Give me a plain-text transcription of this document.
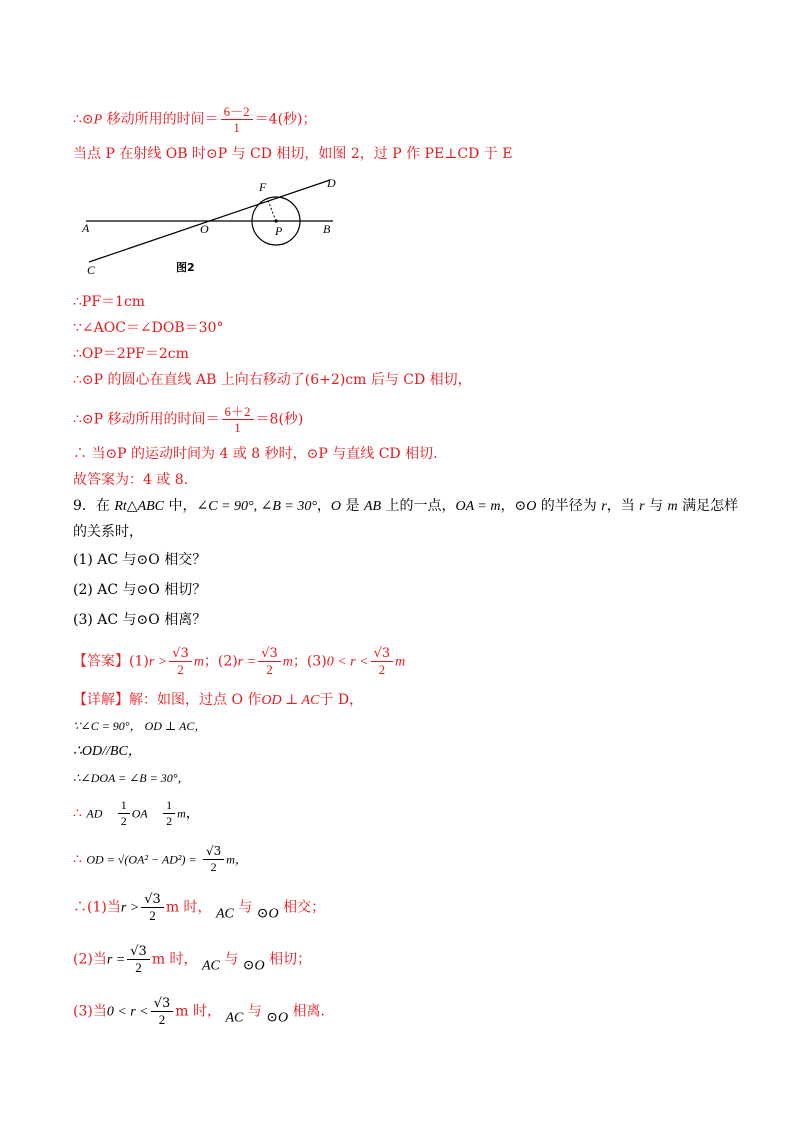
∴⊙P 移动所用的时间＝ $\frac{6-2}{1} =4$(秒)；
当点 P 在射线 OB 时⊙P 与 CD 相切，如图 2，过 P 作 PE⊥CD 于 E
A	O	P	B
C
D
F
图2
∴PF＝1cm
∵∠AOC＝∠DOB＝30°
∴OP＝2PF＝2cm
∴⊙P 的圆心在直线 AB 上向右移动了(6+2)cm 后与 CD 相切，
∴⊙P 移动所用的时间＝ $\frac{6+2}{1} =8$(秒)
∴ 当⊙P 的运动时间为 4 或 8 秒时，⊙P 与直线 CD 相切.
故答案为：4 或 8.
9．在 Rt△ABC 中，∠C = 90°, ∠B = 30°，O 是 AB 上的一点，OA = m，⊙O 的半径为 r，当 r 与 m 满足怎样
的关系时，
(1) AC 与⊙O 相交？
(2) AC 与⊙O 相切？
(3) AC 与⊙O 相离？
【答案】$(1)r > \frac{√3}{2}$ m；$(2)r = \frac{√3}{2}$ m；$(3)0 < r < \frac{√3}{2}$ m
【详解】解：如图，过点 O 作OD ⊥ AC于 D，
∵∠C = 90°， OD ⊥ AC，
∴OD//BC，
∴∠DOA = ∠B = 30°，
∴ AD $\frac{1}{2}$ OA $\frac{1}{2}$ m，
∴ OD = $√(OA^2 - AD^2) = \frac{√3}{2}$ m，
∴(1)当$r > \frac{√3}{2}$ m 时， AC 与 ⊙O 相交；
(2)当$r = \frac{√3}{2}$ m 时， AC 与 ⊙O 相切；
(3)当$0 < r < \frac{√3}{2}$ m 时， AC 与 ⊙O 相离.
